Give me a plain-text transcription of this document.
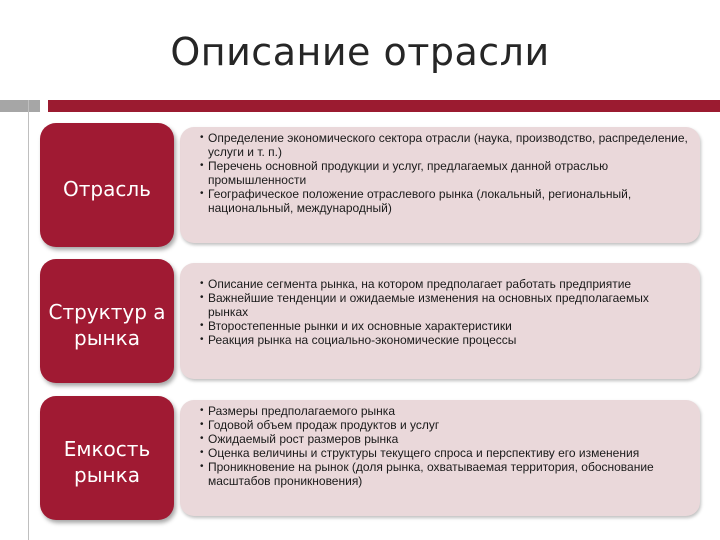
Описание отрасли
• Определение экономического сектора отрасли (наука, производство, распределение, услуги и т. п.)
• Перечень основной продукции и услуг, предлагаемых данной отраслью промышленности
• Географическое положение отраслевого рынка (локальный, региональный, национальный, международный)
Отрасль
• Описание сегмента рынка, на котором предполагает работать предприятие
• Важнейшие тенденции и ожидаемые изменения на основных предполагаемых рынках
• Второстепенные рынки и их основные характеристики
• Реакция рынка на социально-экономические процессы
Структур а рынка
• Размеры предполагаемого рынка
• Годовой объем продаж продуктов и услуг
• Ожидаемый рост размеров рынка
• Оценка величины и структуры текущего спроса и перспективу его изменения
• Проникновение на рынок (доля рынка, охватываемая территория, обоснование масштабов проникновения)
Емкость рынка
